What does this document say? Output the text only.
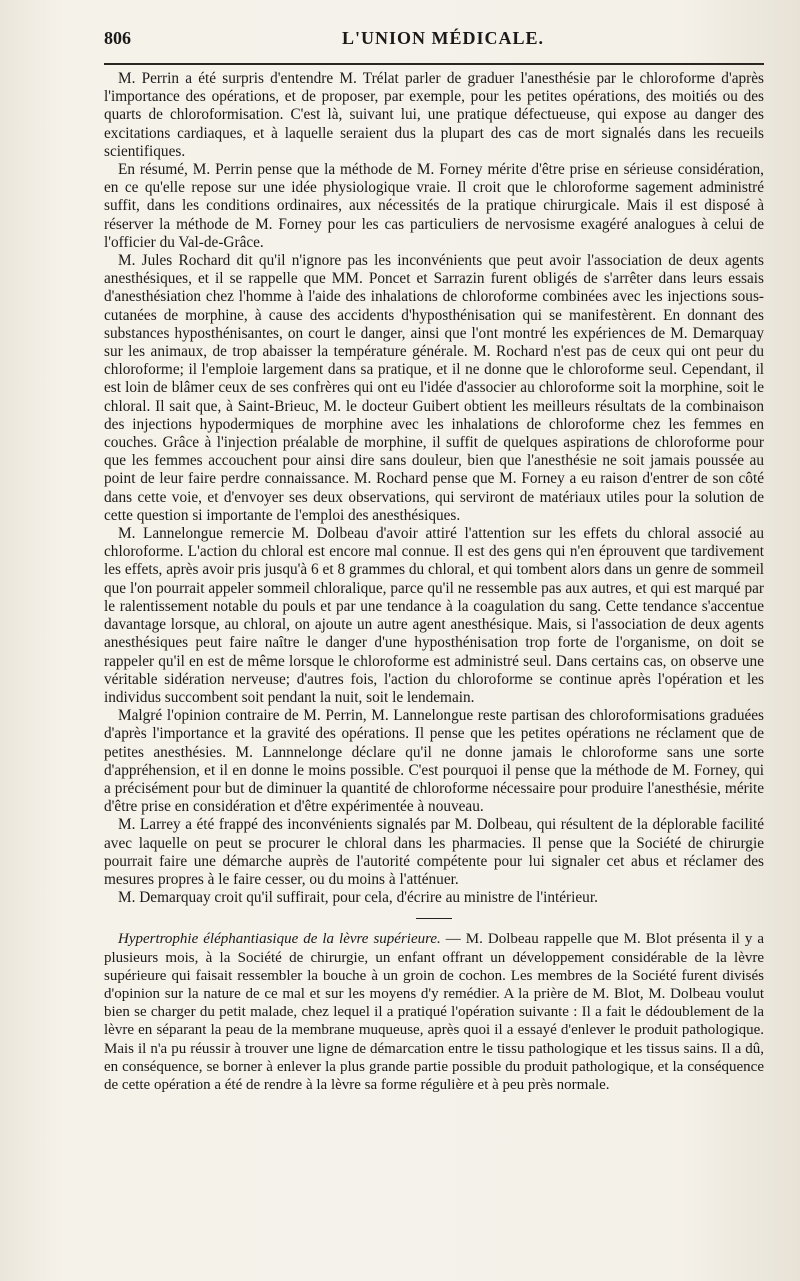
806	L'UNION MÉDICALE.

M. Perrin a été surpris d'entendre M. Trélat parler de graduer l'anesthésie par le chloroforme d'après l'importance des opérations, et de proposer, par exemple, pour les petites opérations, des moitiés ou des quarts de chloroformisation. C'est là, suivant lui, une pratique défectueuse, qui expose au danger des excitations cardiaques, et à laquelle seraient dus la plupart des cas de mort signalés dans les recueils scientifiques.

En résumé, M. Perrin pense que la méthode de M. Forney mérite d'être prise en sérieuse considération, en ce qu'elle repose sur une idée physiologique vraie. Il croit que le chloroforme sagement administré suffit, dans les conditions ordinaires, aux nécessités de la pratique chirurgicale. Mais il est disposé à réserver la méthode de M. Forney pour les cas particuliers de nervosisme exagéré analogues à celui de l'officier du Val-de-Grâce.

M. Jules Rochard dit qu'il n'ignore pas les inconvénients que peut avoir l'association de deux agents anesthésiques, et il se rappelle que MM. Poncet et Sarrazin furent obligés de s'arrêter dans leurs essais d'anesthésiation chez l'homme à l'aide des inhalations de chloroforme combinées avec les injections sous-cutanées de morphine, à cause des accidents d'hyposthénisation qui se manifestèrent. En donnant des substances hyposthénisantes, on court le danger, ainsi que l'ont montré les expériences de M. Demarquay sur les animaux, de trop abaisser la température générale. M. Rochard n'est pas de ceux qui ont peur du chloroforme; il l'emploie largement dans sa pratique, et il ne donne que le chloroforme seul. Cependant, il est loin de blâmer ceux de ses confrères qui ont eu l'idée d'associer au chloroforme soit la morphine, soit le chloral. Il sait que, à Saint-Brieuc, M. le docteur Guibert obtient les meilleurs résultats de la combinaison des injections hypodermiques de morphine avec les inhalations de chloroforme chez les femmes en couches. Grâce à l'injection préalable de morphine, il suffit de quelques aspirations de chloroforme pour que les femmes accouchent pour ainsi dire sans douleur, bien que l'anesthésie ne soit jamais poussée au point de leur faire perdre connaissance. M. Rochard pense que M. Forney a eu raison d'entrer de son côté dans cette voie, et d'envoyer ses deux observations, qui serviront de matériaux utiles pour la solution de cette question si importante de l'emploi des anesthésiques.

M. Lannelongue remercie M. Dolbeau d'avoir attiré l'attention sur les effets du chloral associé au chloroforme. L'action du chloral est encore mal connue. Il est des gens qui n'en éprouvent que tardivement les effets, après avoir pris jusqu'à 6 et 8 grammes du chloral, et qui tombent alors dans un genre de sommeil que l'on pourrait appeler sommeil chloralique, parce qu'il ne ressemble pas aux autres, et qui est marqué par le ralentissement notable du pouls et par une tendance à la coagulation du sang. Cette tendance s'accentue davantage lorsque, au chloral, on ajoute un autre agent anesthésique. Mais, si l'association de deux agents anesthésiques peut faire naître le danger d'une hyposthénisation trop forte de l'organisme, on doit se rappeler qu'il en est de même lorsque le chloroforme est administré seul. Dans certains cas, on observe une véritable sidération nerveuse; d'autres fois, l'action du chloroforme se continue après l'opération et les individus succombent soit pendant la nuit, soit le lendemain.

Malgré l'opinion contraire de M. Perrin, M. Lannelongue reste partisan des chloroformisations graduées d'après l'importance et la gravité des opérations. Il pense que les petites opérations ne réclament que de petites anesthésies. M. Lannnelonge déclare qu'il ne donne jamais le chloroforme sans une sorte d'appréhension, et il en donne le moins possible. C'est pourquoi il pense que la méthode de M. Forney, qui a précisément pour but de diminuer la quantité de chloroforme nécessaire pour produire l'anesthésie, mérite d'être prise en considération et d'être expérimentée à nouveau.

M. Larrey a été frappé des inconvénients signalés par M. Dolbeau, qui résultent de la déplorable facilité avec laquelle on peut se procurer le chloral dans les pharmacies. Il pense que la Société de chirurgie pourrait faire une démarche auprès de l'autorité compétente pour lui signaler cet abus et réclamer des mesures propres à le faire cesser, ou du moins à l'atténuer.

M. Demarquay croit qu'il suffirait, pour cela, d'écrire au ministre de l'intérieur.

Hypertrophie éléphantiasique de la lèvre supérieure. — M. Dolbeau rappelle que M. Blot présenta il y a plusieurs mois, à la Société de chirurgie, un enfant offrant un développement considérable de la lèvre supérieure qui faisait ressembler la bouche à un groin de cochon. Les membres de la Société furent divisés d'opinion sur la nature de ce mal et sur les moyens d'y remédier. A la prière de M. Blot, M. Dolbeau voulut bien se charger du petit malade, chez lequel il a pratiqué l'opération suivante : Il a fait le dédoublement de la lèvre en séparant la peau de la membrane muqueuse, après quoi il a essayé d'enlever le produit pathologique. Mais il n'a pu réussir à trouver une ligne de démarcation entre le tissu pathologique et les tissus sains. Il a dû, en conséquence, se borner à enlever la plus grande partie possible du produit pathologique, et la conséquence de cette opération a été de rendre à la lèvre sa forme régulière et à peu près normale.
